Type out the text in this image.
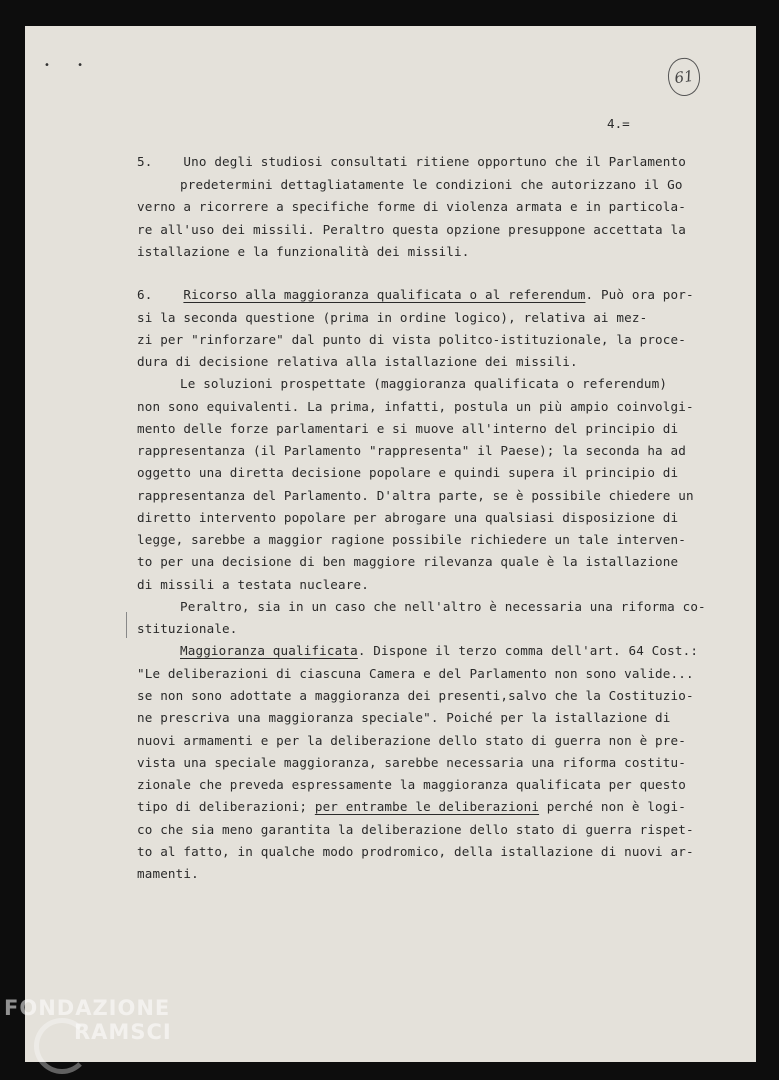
• •
61
4.=
5.    Uno degli studiosi consultati ritiene opportuno che il Parlamento
predetermini dettagliatamente le condizioni che autorizzano il Go
verno a ricorrere a specifiche forme di violenza armata e in particola-
re all'uso dei missili. Peraltro questa opzione presuppone accettata la
istallazione e la funzionalità dei missili.
6.    Ricorso alla maggioranza qualificata o al referendum. Può ora por-
si la seconda questione (prima in ordine logico), relativa ai mez-
zi per "rinforzare" dal punto di vista politco-istituzionale, la proce-
dura di decisione relativa alla istallazione dei missili.
Le soluzioni prospettate (maggioranza qualificata o referendum)
non sono equivalenti. La prima, infatti, postula un più ampio coinvolgi-
mento delle forze parlamentari e si muove all'interno del principio di
rappresentanza (il Parlamento "rappresenta" il Paese); la seconda ha ad
oggetto una diretta decisione popolare e quindi supera il principio di
rappresentanza del Parlamento. D'altra parte, se è possibile chiedere un
diretto intervento popolare per abrogare una qualsiasi disposizione di
legge, sarebbe a maggior ragione possibile richiedere un tale interven-
to per una decisione di ben maggiore rilevanza quale è la istallazione
di missili a testata nucleare.
Peraltro, sia in un caso che nell'altro è necessaria una riforma co-
stituzionale.
Maggioranza qualificata. Dispone il terzo comma dell'art. 64 Cost.:
"Le deliberazioni di ciascuna Camera e del Parlamento non sono valide...
se non sono adottate a maggioranza dei presenti,salvo che la Costituzio-
ne prescriva una maggioranza speciale". Poiché per la istallazione di
nuovi armamenti e per la deliberazione dello stato di guerra non è pre-
vista una speciale maggioranza, sarebbe necessaria una riforma costitu-
zionale che preveda espressamente la maggioranza qualificata per questo
tipo di deliberazioni; per entrambe le deliberazioni perché non è logi-
co che sia meno garantita la deliberazione dello stato di guerra rispet-
to al fatto, in qualche modo prodromico, della istallazione di nuovi ar-
mamenti.
FONDAZIONE
RAMSCI
